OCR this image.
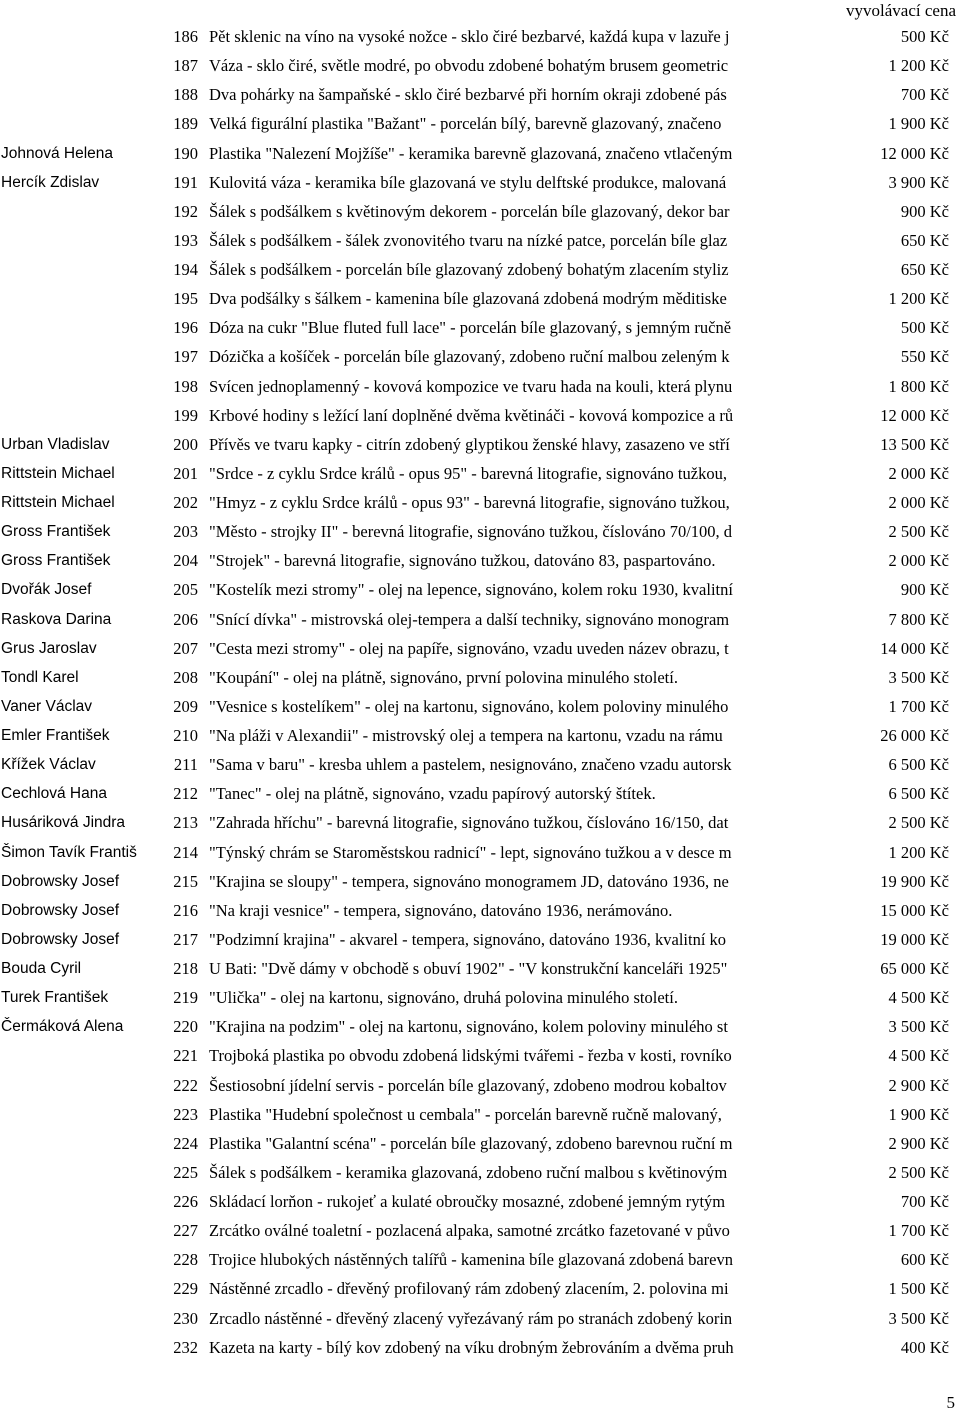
vyvolávací cena
186 Pět sklenic na víno na vysoké nožce - sklo čiré bezbarvé, každá kupa v lazuře j	500 Kč
187 Váza - sklo čiré, světle modré, po obvodu zdobené bohatým brusem geometric	1 200 Kč
188 Dva pohárky na šampaňské - sklo čiré bezbarvé při horním okraji zdobené pás	700 Kč
189 Velká figurální plastika "Bažant" - porcelán bílý, barevně glazovaný, značeno	1 900 Kč
Johnová Helena	190 Plastika "Nalezení Mojžíše" - keramika barevně glazovaná, značeno vtlačeným	12 000 Kč
Hercík Zdislav	191 Kulovitá váza - keramika bíle glazovaná ve stylu delftské produkce, malovaná	3 900 Kč
192 Šálek s podšálkem s květinovým dekorem - porcelán bíle glazovaný, dekor bar	900 Kč
193 Šálek s podšálkem - šálek zvonovitého tvaru na nízké patce, porcelán bíle glaz	650 Kč
194 Šálek s podšálkem - porcelán bíle glazovaný zdobený bohatým zlacením styliz	650 Kč
195 Dva podšálky s šálkem - kamenina bíle glazovaná zdobená modrým měditiske	1 200 Kč
196 Dóza na cukr "Blue fluted full lace" - porcelán bíle glazovaný, s jemným ručně	500 Kč
197 Dózička a košíček - porcelán bíle glazovaný, zdobeno ruční malbou zeleným k	550 Kč
198 Svícen jednoplamenný - kovová kompozice ve tvaru hada na kouli, která plynu	1 800 Kč
199 Krbové hodiny s ležící laní doplněné dvěma květináči - kovová kompozice a rů	12 000 Kč
Urban Vladislav	200 Přívěs ve tvaru kapky - citrín zdobený glyptikou ženské hlavy, zasazeno ve stří	13 500 Kč
Rittstein Michael	201 "Srdce - z cyklu Srdce králů - opus 95" - barevná litografie, signováno tužkou,	2 000 Kč
Rittstein Michael	202 "Hmyz - z cyklu Srdce králů - opus 93" - barevná litografie, signováno tužkou,	2 000 Kč
Gross František	203 "Město - strojky II" - berevná litografie, signováno tužkou, číslováno 70/100, d	2 500 Kč
Gross František	204 "Strojek" - barevná litografie, signováno tužkou, datováno 83, paspartováno.	2 000 Kč
Dvořák Josef	205 "Kostelík mezi stromy" - olej na lepence, signováno, kolem roku 1930, kvalitní	900 Kč
Raskova Darina	206 "Snící dívka" - mistrovská olej-tempera a další techniky, signováno monogram	7 800 Kč
Grus Jaroslav	207 "Cesta mezi stromy" - olej na papíře, signováno, vzadu uveden název obrazu, t	14 000 Kč
Tondl Karel	208 "Koupání" - olej na plátně, signováno, první polovina minulého století.	3 500 Kč
Vaner Václav	209 "Vesnice s kostelíkem" - olej na kartonu, signováno, kolem poloviny minulého	1 700 Kč
Emler František	210 "Na pláži v Alexandii" - mistrovský olej a tempera na kartonu, vzadu na rámu	26 000 Kč
Křížek Václav	211 "Sama v baru" - kresba uhlem a pastelem, nesignováno, značeno vzadu autorsk	6 500 Kč
Cechlová Hana	212 "Tanec" - olej na plátně, signováno, vzadu papírový autorský štítek.	6 500 Kč
Husáriková Jindra	213 "Zahrada hříchu" - barevná litografie, signováno tužkou, číslováno 16/150, dat	2 500 Kč
Šimon Tavík Františ	214 "Týnský chrám se Staroměstskou radnicí" - lept, signováno tužkou a v desce m	1 200 Kč
Dobrowsky Josef	215 "Krajina se sloupy" - tempera, signováno monogramem JD, datováno 1936, ne	19 900 Kč
Dobrowsky Josef	216 "Na kraji vesnice" - tempera, signováno, datováno 1936, nerámováno.	15 000 Kč
Dobrowsky Josef	217 "Podzimní krajina" - akvarel - tempera, signováno, datováno 1936, kvalitní ko	19 000 Kč
Bouda Cyril	218 U Bati: "Dvě dámy v obchodě s obuví 1902" - "V konstrukční kanceláři 1925"	65 000 Kč
Turek František	219 "Ulička" - olej na kartonu, signováno, druhá polovina minulého století.	4 500 Kč
Čermáková Alena	220 "Krajina na podzim" - olej na kartonu, signováno, kolem poloviny minulého st	3 500 Kč
221 Trojboká plastika po obvodu zdobená lidskými tvářemi - řezba v kosti, rovníko	4 500 Kč
222 Šestiosobní jídelní servis - porcelán bíle glazovaný, zdobeno modrou kobaltov	2 900 Kč
223 Plastika "Hudební společnost u cembala" - porcelán barevně ručně malovaný,	1 900 Kč
224 Plastika "Galantní scéna" - porcelán bíle glazovaný, zdobeno barevnou ruční m	2 900 Kč
225 Šálek s podšálkem - keramika glazovaná, zdobeno ruční malbou s květinovým	2 500 Kč
226 Skládací lorňon - rukojeť a kulaté obroučky mosazné, zdobené jemným rytým	700 Kč
227 Zrcátko oválné toaletní - pozlacená alpaka, samotné zrcátko fazetované v půvo	1 700 Kč
228 Trojice hlubokých nástěnných talířů - kamenina bíle glazovaná zdobená barevn	600 Kč
229 Nástěnné zrcadlo - dřevěný profilovaný rám zdobený zlacením, 2. polovina mi	1 500 Kč
230 Zrcadlo nástěnné - dřevěný zlacený vyřezávaný rám po stranách zdobený korin	3 500 Kč
232 Kazeta na karty - bílý kov zdobený na víku drobným žebrováním a dvěma pruh	400 Kč
5
